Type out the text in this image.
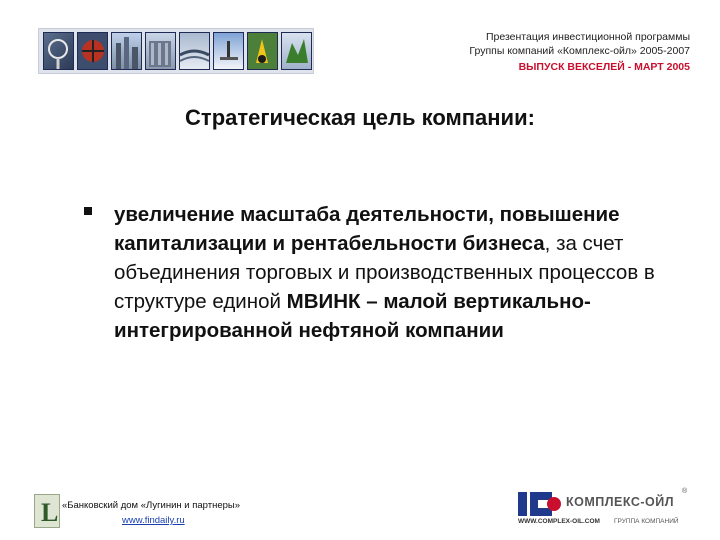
Презентация инвестиционной программы
Группы компаний «Комплекс-ойл» 2005-2007
ВЫПУСК ВЕКСЕЛЕЙ - МАРТ 2005
Стратегическая цель компании:
увеличение масштаба деятельности, повышение капитализации и рентабельности бизнеса, за счет объединения торговых и производственных процессов в структуре единой МВИНК – малой вертикально-интегрированной нефтяной компании
L «Банковский дом «Лугинин и партнеры»
www.findaily.ru
КОМПЛЕКС-ОЙЛ
WWW.COMPLEX-OIL.COM ГРУППА КОМПАНИЙ
®
